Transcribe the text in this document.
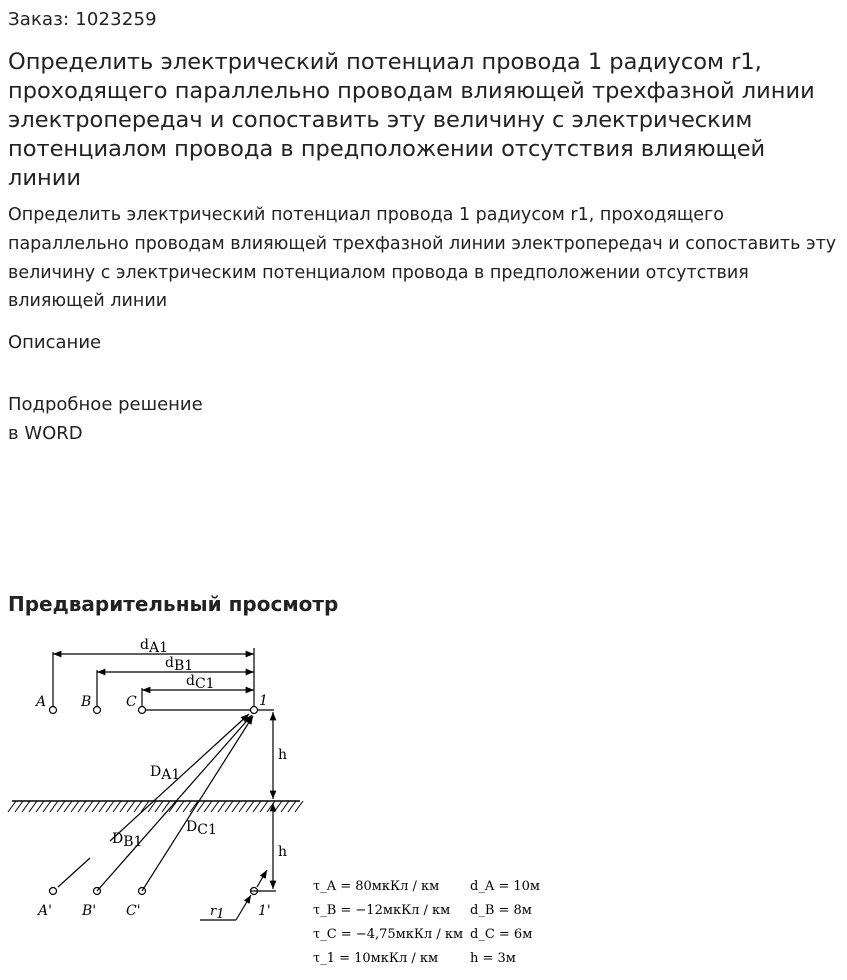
Заказ: 1023259

Определить электрический потенциал провода 1 радиусом r1, проходящего параллельно проводам влияющей трехфазной линии электропередач и сопоставить эту величину с электрическим потенциалом провода в предположении отсутствия влияющей линии

Определить электрический потенциал провода 1 радиусом r1, проходящего параллельно проводам влияющей трехфазной линии электропередач и сопоставить эту величину с электрическим потенциалом провода в предположении отсутствия влияющей линии

Описание

Подробное решение

в WORD

Предварительный просмотр
dA1
dB1
dC1
A B C	1
A' B' C'	1'
DA1
DB1
DC1
h
h
r1
τ_A = 80мкКл / км
τ_B = −12мкКл / км
τ_C = −4,75мкКл / км
τ_1 = 10мкКл / км
d_A = 10м
d_B = 8м
d_C = 6м
h = 3м
